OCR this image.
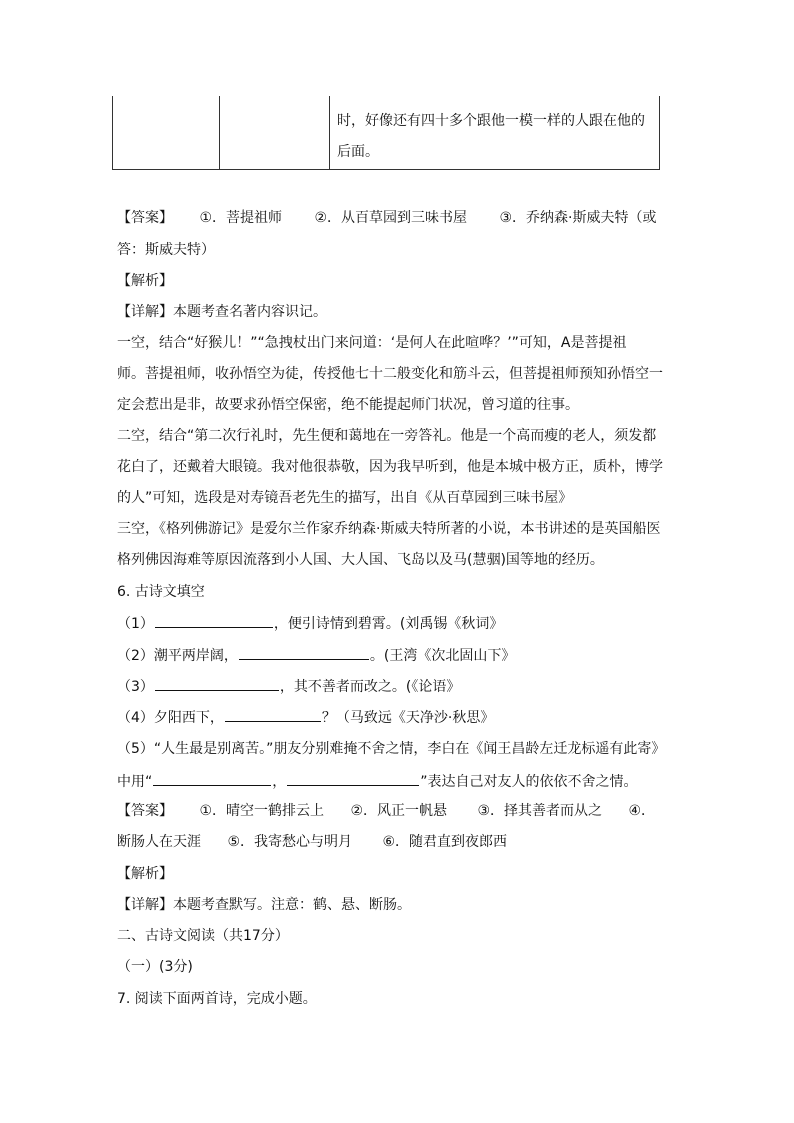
时，好像还有四十多个跟他一模一样的人跟在他的
后面。
【答案】 ①．菩提祖师 ②．从百草园到三味书屋 ③．乔纳森·斯威夫特（或
答：斯威夫特）
【解析】
【详解】本题考查名著内容识记。
一空，结合“好猴儿！”“急拽杖出门来问道：‘是何人在此喧哗？’”可知，A是菩提祖
师。菩提祖师，收孙悟空为徒，传授他七十二般变化和筋斗云，但菩提祖师预知孙悟空一
定会惹出是非，故要求孙悟空保密，绝不能提起师门状况，曾习道的往事。
二空，结合“第二次行礼时，先生便和蔼地在一旁答礼。他是一个高而瘦的老人，须发都
花白了，还戴着大眼镜。我对他很恭敬，因为我早听到，他是本城中极方正，质朴，博学
的人”可知，选段是对寿镜吾老先生的描写，出自《从百草园到三味书屋》
三空，《格列佛游记》是爱尔兰作家乔纳森·斯威夫特所著的小说，本书讲述的是英国船医
格列佛因海难等原因流落到小人国、大人国、飞岛以及马(慧骃)国等地的经历。
6. 古诗文填空
（1）	，便引诗情到碧霄。(刘禹锡《秋词》
（2）潮平两岸阔，	。(王湾《次北固山下》
（3）	，其不善者而改之。(《论语》
（4）夕阳西下，	？（马致远《天净沙·秋思》
（5）“人生最是别离苦。”朋友分别难掩不舍之情，李白在《闻王昌龄左迁龙标遥有此寄》
中用“	，	”表达自己对友人的依依不舍之情。
【答案】 ①．晴空一鹤排云上 ②．风正一帆悬 ③．择其善者而从之 ④．
断肠人在天涯 ⑤．我寄愁心与明月 ⑥．随君直到夜郎西
【解析】
【详解】本题考查默写。注意：鹤、悬、断肠。
二、古诗文阅读（共17分）
（一）(3分)
7. 阅读下面两首诗，完成小题。
